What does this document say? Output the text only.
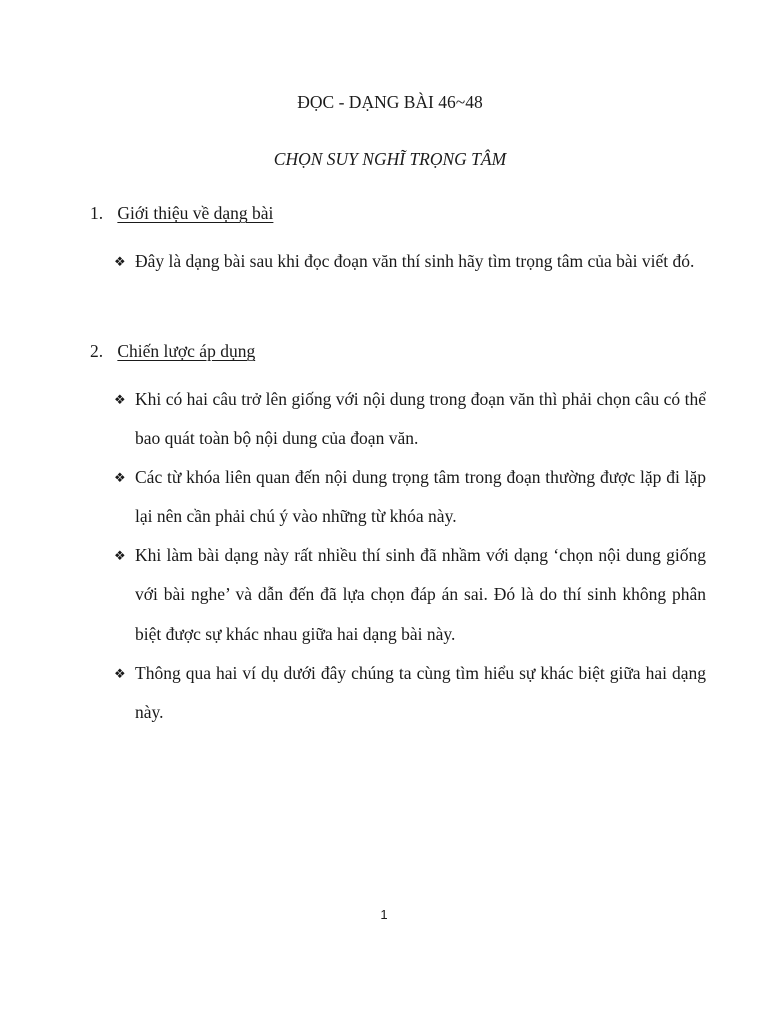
ĐỌC - DẠNG BÀI 46~48
CHỌN SUY NGHĨ TRỌNG TÂM
1. Giới thiệu về dạng bài
❖ Đây là dạng bài sau khi đọc đoạn văn thí sinh hãy tìm trọng tâm của bài viết đó.
2. Chiến lược áp dụng
❖ Khi có hai câu trở lên giống với nội dung trong đoạn văn thì phải chọn câu có thể bao quát toàn bộ nội dung của đoạn văn.
❖ Các từ khóa liên quan đến nội dung trọng tâm trong đoạn thường được lặp đi lặp lại nên cần phải chú ý vào những từ khóa này.
❖ Khi làm bài dạng này rất nhiều thí sinh đã nhầm với dạng ‘chọn nội dung giống với bài nghe’ và dẫn đến đã lựa chọn đáp án sai. Đó là do thí sinh không phân biệt được sự khác nhau giữa hai dạng bài này.
❖ Thông qua hai ví dụ dưới đây chúng ta cùng tìm hiểu sự khác biệt giữa hai dạng này.
1
